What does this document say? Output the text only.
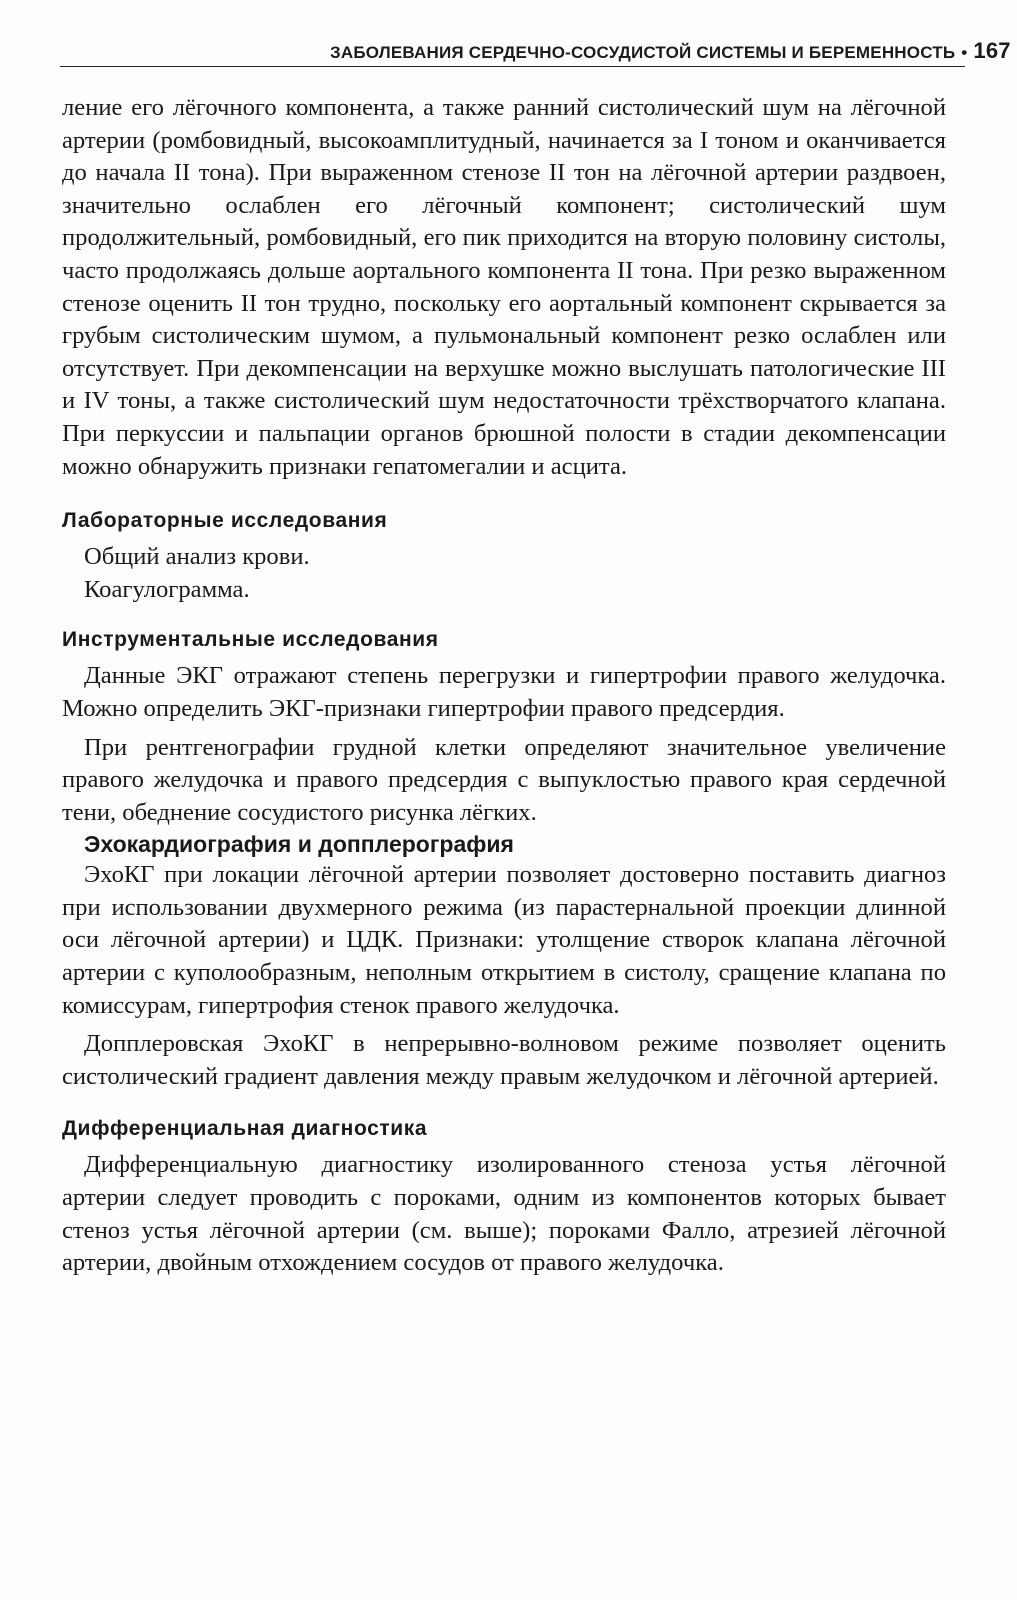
ЗАБОЛЕВАНИЯ СЕРДЕЧНО-СОСУДИСТОЙ СИСТЕМЫ И БЕРЕМЕННОСТЬ • 167

ление его лёгочного компонента, а также ранний систолический шум на лёгочной артерии (ромбовидный, высокоамплитудный, начинается за I тоном и оканчивается до начала II тона). При выраженном стенозе II тон на лёгочной артерии раздвоен, значительно ослаблен его лёгочный компонент; систолический шум продолжительный, ромбовидный, его пик приходится на вторую половину систолы, часто продолжаясь дольше аортального компонента II тона. При резко выраженном стенозе оценить II тон трудно, поскольку его аортальный компонент скрывается за грубым систолическим шумом, а пульмональный компонент резко ослаблен или отсутствует. При декомпенсации на верхушке можно выслушать патологические III и IV тоны, а также систолический шум недостаточности трёхстворчатого клапана. При перкуссии и пальпации органов брюшной полости в стадии декомпенсации можно обнаружить признаки гепатомегалии и асцита.

Лабораторные исследования
Общий анализ крови.
Коагулограмма.
Инструментальные исследования

Данные ЭКГ отражают степень перегрузки и гипертрофии правого желудочка. Можно определить ЭКГ-признаки гипертрофии правого предсердия.

При рентгенографии грудной клетки определяют значительное увеличение правого желудочка и правого предсердия с выпуклостью правого края сердечной тени, обеднение сосудистого рисунка лёгких.

Эхокардиография и допплерография

ЭхоКГ при локации лёгочной артерии позволяет достоверно поставить диагноз при использовании двухмерного режима (из парастернальной проекции длинной оси лёгочной артерии) и ЦДК. Признаки: утолщение створок клапана лёгочной артерии с куполообразным, неполным открытием в систолу, сращение клапана по комиссурам, гипертрофия стенок правого желудочка.

Допплеровская ЭхоКГ в непрерывно-волновом режиме позволяет оценить систолический градиент давления между правым желудочком и лёгочной артерией.

Дифференциальная диагностика

Дифференциальную диагностику изолированного стеноза устья лёгочной артерии следует проводить с пороками, одним из компонентов которых бывает стеноз устья лёгочной артерии (см. выше); пороками Фалло, атрезией лёгочной артерии, двойным отхождением сосудов от правого желудочка.
